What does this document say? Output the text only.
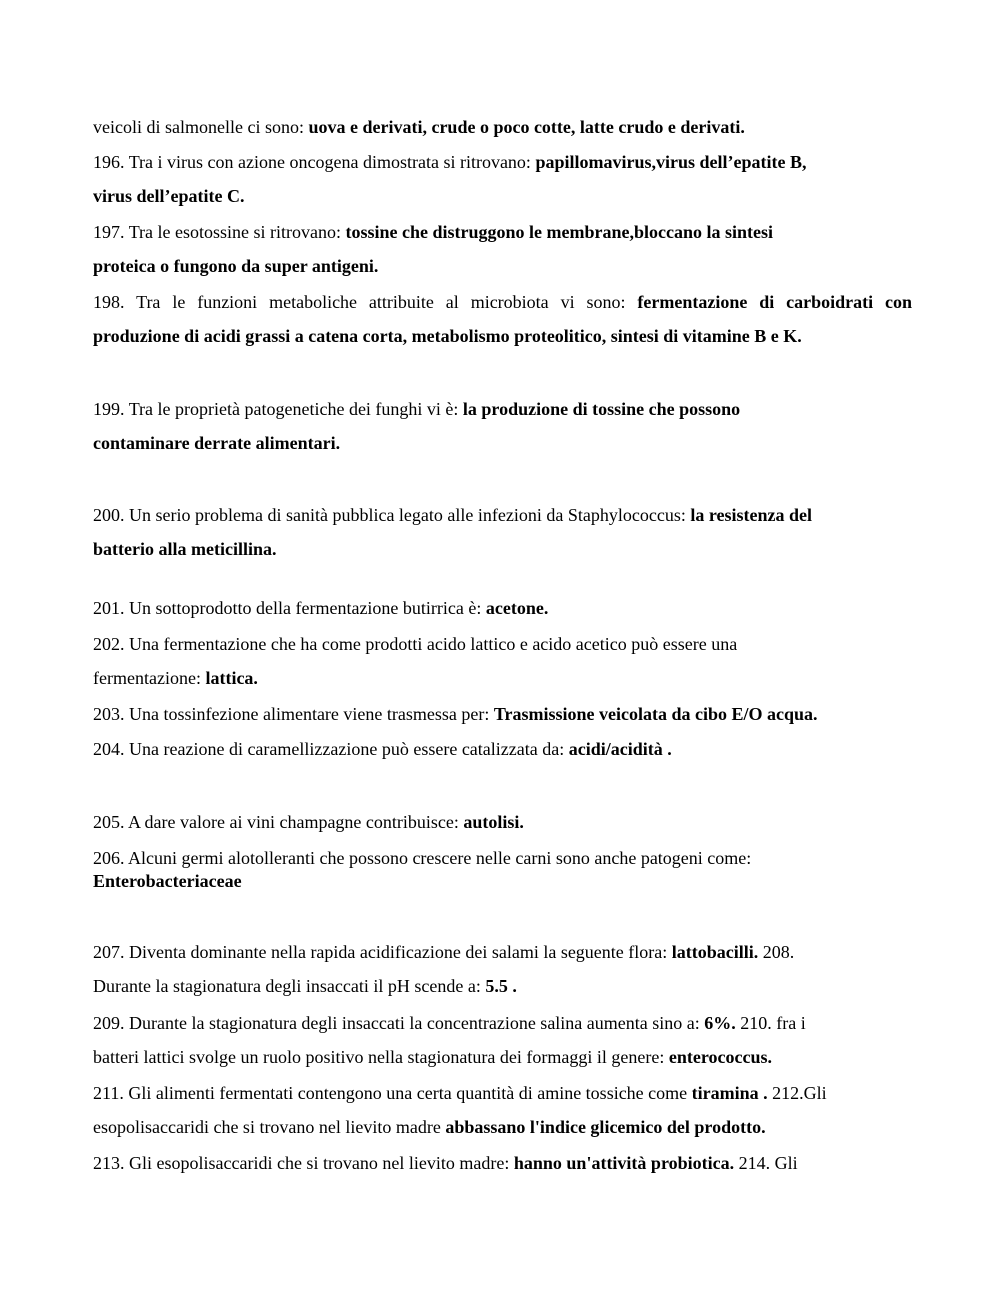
veicoli di salmonelle ci sono: uova e derivati, crude o poco cotte, latte crudo e derivati.
196. Tra i virus con azione oncogena dimostrata si ritrovano: papillomavirus,virus dell’epatite B,
virus dell’epatite C.
197. Tra le esotossine si ritrovano: tossine che distruggono le membrane,bloccano la sintesi
proteica o fungono da super antigeni.
198. Tra le funzioni metaboliche attribuite al microbiota vi sono: fermentazione di carboidrati con
produzione di acidi grassi a catena corta, metabolismo proteolitico, sintesi di vitamine B e K.
199. Tra le proprietà patogenetiche dei funghi vi è: la produzione di tossine che possono
contaminare derrate alimentari.
200. Un serio problema di sanità pubblica legato alle infezioni da Staphylococcus: la resistenza del
batterio alla meticillina.
201. Un sottoprodotto della fermentazione butirrica è: acetone.
202. Una fermentazione che ha come prodotti acido lattico e acido acetico può essere una
fermentazione: lattica.
203. Una tossinfezione alimentare viene trasmessa per: Trasmissione veicolata da cibo E/O acqua.
204. Una reazione di caramellizzazione può essere catalizzata da: acidi/acidità .
205. A dare valore ai vini champagne contribuisce: autolisi.
206. Alcuni germi alotolleranti che possono crescere nelle carni sono anche patogeni come:
Enterobacteriaceae
207. Diventa dominante nella rapida acidificazione dei salami la seguente flora: lattobacilli. 208.
Durante la stagionatura degli insaccati il pH scende a: 5.5 .
209. Durante la stagionatura degli insaccati la concentrazione salina aumenta sino a: 6%. 210. fra i
batteri lattici svolge un ruolo positivo nella stagionatura dei formaggi il genere: enterococcus.
211. Gli alimenti fermentati contengono una certa quantità di amine tossiche come tiramina . 212.Gli
esopolisaccaridi che si trovano nel lievito madre abbassano l'indice glicemico del prodotto.
213. Gli esopolisaccaridi che si trovano nel lievito madre: hanno un'attività probiotica. 214. Gli
